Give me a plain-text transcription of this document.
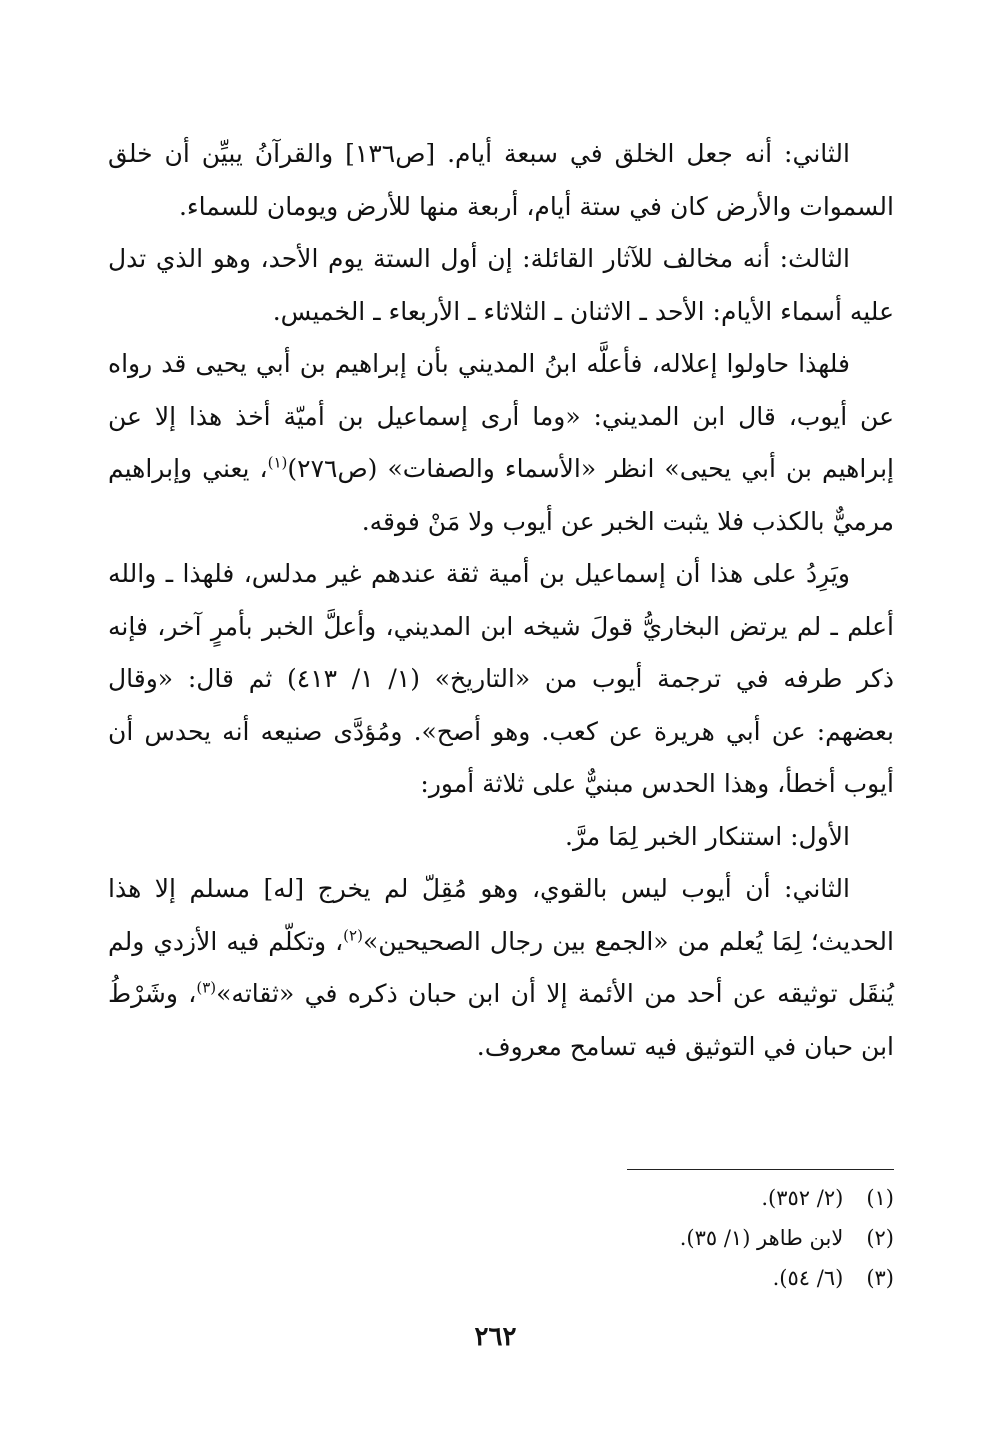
الثاني: أنه جعل الخلق في سبعة أيام. [ص١٣٦] والقرآنُ يبيِّن أن خلق السموات والأرض كان في ستة أيام، أربعة منها للأرض ويومان للسماء.

الثالث: أنه مخالف للآثار القائلة: إن أول الستة يوم الأحد، وهو الذي تدل عليه أسماء الأيام: الأحد ـ الاثنان ـ الثلاثاء ـ الأربعاء ـ الخميس.

فلهذا حاولوا إعلاله، فأعلَّه ابنُ المديني بأن إبراهيم بن أبي يحيى قد رواه عن أيوب، قال ابن المديني: «وما أرى إسماعيل بن أميّة أخذ هذا إلا عن إبراهيم بن أبي يحيى» انظر «الأسماء والصفات» (ص٢٧٦)$^{(١)}$، يعني وإبراهيم مرميٌّ بالكذب فلا يثبت الخبر عن أيوب ولا مَنْ فوقه.

ويَرِدُ على هذا أن إسماعيل بن أمية ثقة عندهم غير مدلس، فلهذا ـ والله أعلم ـ لم يرتض البخاريُّ قولَ شيخه ابن المديني، وأعلَّ الخبر بأمرٍ آخر، فإنه ذكر طرفه في ترجمة أيوب من «التاريخ» (١/ ١/ ٤١٣) ثم قال: «وقال بعضهم: عن أبي هريرة عن كعب. وهو أصح». ومُؤدَّى صنيعه أنه يحدس أن أيوب أخطأ، وهذا الحدس مبنيٌّ على ثلاثة أمور:

الأول: استنكار الخبر لِمَا مرَّ.

الثاني: أن أيوب ليس بالقوي، وهو مُقِلّ لم يخرج [له] مسلم إلا هذا الحديث؛ لِمَا يُعلم من «الجمع بين رجال الصحيحين»$^{(٢)}$، وتكلّم فيه الأزدي ولم يُنقَل توثيقه عن أحد من الأئمة إلا أن ابن حبان ذكره في «ثقاته»$^{(٣)}$، وشَرْطُ ابن حبان في التوثيق فيه تسامح معروف.

(١) (٢/ ٣٥٢).
(٢) لابن طاهر (١/ ٣٥).
(٣) (٦/ ٥٤).
٢٦٢
